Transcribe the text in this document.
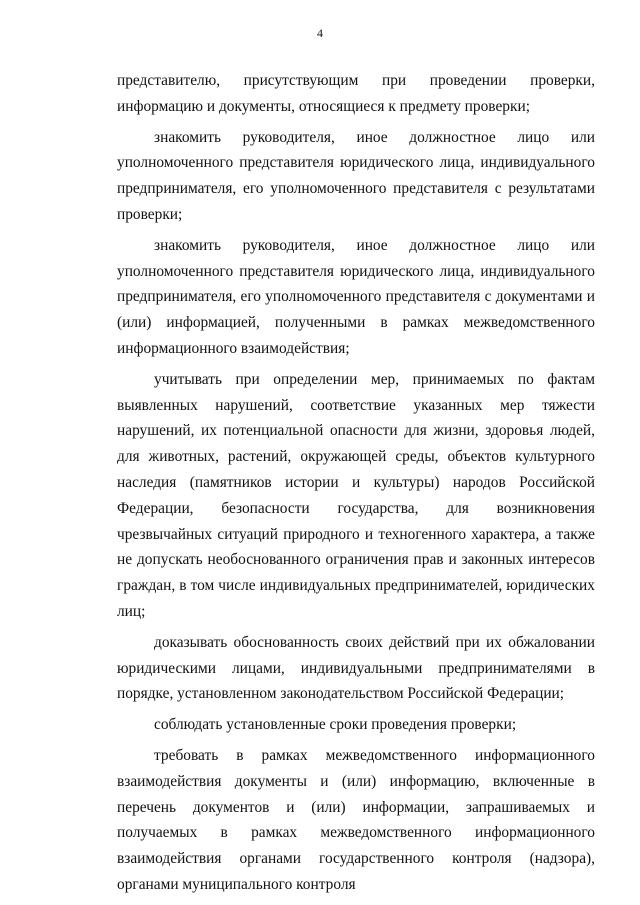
4

представителю, присутствующим при проведении проверки, информацию и документы, относящиеся к предмету проверки;

знакомить руководителя, иное должностное лицо или уполномоченного представителя юридического лица, индивидуального предпринимателя, его уполномоченного представителя с результатами проверки;

знакомить руководителя, иное должностное лицо или уполномоченного представителя юридического лица, индивидуального предпринимателя, его уполномоченного представителя с документами и (или) информацией, полученными в рамках межведомственного информационного взаимодействия;

учитывать при определении мер, принимаемых по фактам выявленных нарушений, соответствие указанных мер тяжести нарушений, их потенциальной опасности для жизни, здоровья людей, для животных, растений, окружающей среды, объектов культурного наследия (памятников истории и культуры) народов Российской Федерации, безопасности государства, для возникновения чрезвычайных ситуаций природного и техногенного характера, а также не допускать необоснованного ограничения прав и законных интересов граждан, в том числе индивидуальных предпринимателей, юридических лиц;

доказывать обоснованность своих действий при их обжаловании юридическими лицами, индивидуальными предпринимателями в порядке, установленном законодательством Российской Федерации;

соблюдать установленные сроки проведения проверки;

требовать в рамках межведомственного информационного взаимодействия документы и (или) информацию, включенные в перечень документов и (или) информации, запрашиваемых и получаемых в рамках межведомственного информационного взаимодействия органами государственного контроля (надзора), органами муниципального контроля
